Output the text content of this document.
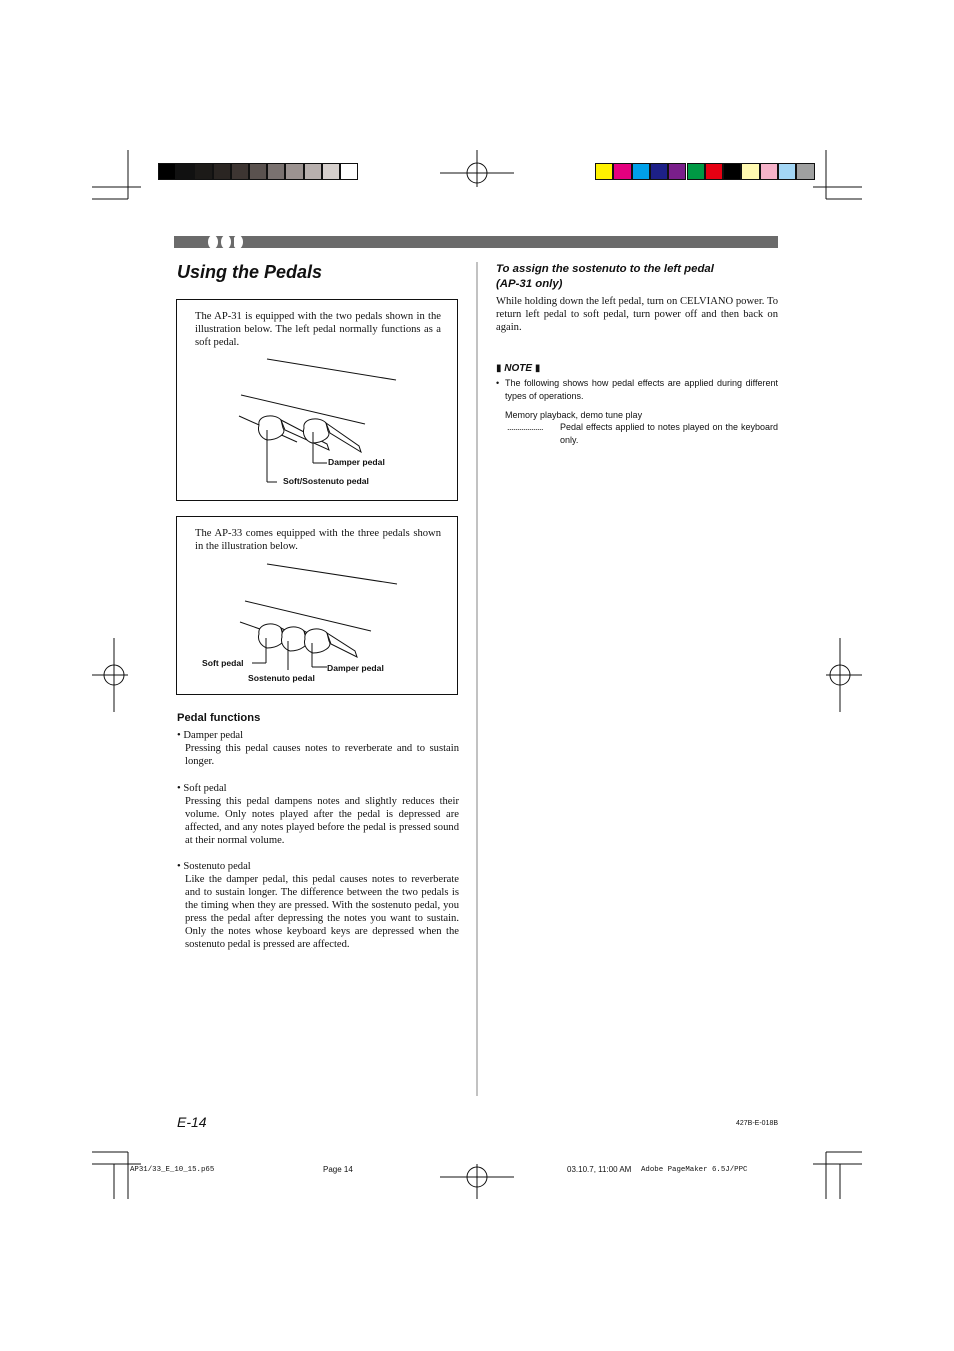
Using the Pedals
The AP-31 is equipped with the two pedals shown in the illustration below. The left pedal normally functions as a soft pedal.
Damper pedal
Soft/Sostenuto pedal
The AP-33 comes equipped with the three pedals shown in the illustration below.
Soft pedal
Sostenuto pedal
Damper pedal
Pedal functions
• Damper pedal
Pressing this pedal causes notes to reverberate and to sustain longer.
• Soft pedal
Pressing this pedal dampens notes and slightly reduces their volume. Only notes played after the pedal is depressed are affected, and any notes played before the pedal is pressed sound at their normal volume.
• Sostenuto pedal
Like the damper pedal, this pedal causes notes to reverberate and to sustain longer. The difference between the two pedals is the timing when they are pressed. With the sostenuto pedal, you press the pedal after depressing the notes you want to sustain. Only the notes whose keyboard keys are depressed when the sostenuto pedal is pressed are affected.
To assign the sostenuto to the left pedal
(AP-31 only)
While holding down the left pedal, turn on CELVIANO power. To return left pedal to soft pedal, turn power off and then back on again.
▮ NOTE ▮
• The following shows how pedal effects are applied during different types of operations.
Memory playback, demo tune play
.................. Pedal effects applied to notes played on the keyboard only.
E-14	427B-E-018B
AP31/33_E_10_15.p65	Page 14	03.10.7, 11:00 AM Adobe PageMaker 6.5J/PPC
